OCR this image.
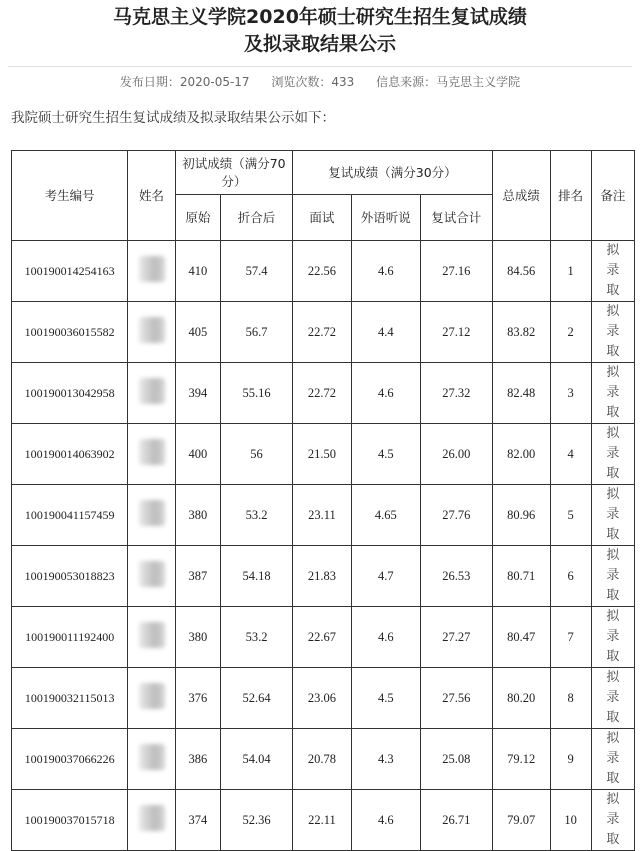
马克思主义学院2020年硕士研究生招生复试成绩
及拟录取结果公示
发布日期：2020-05-17 浏览次数：433 信息来源：马克思主义学院
我院硕士研究生招生复试成绩及拟录取结果公示如下：
考生编号	姓名	初试成绩（满分70分）		复试成绩（满分30分）			总成绩	排名	备注
		原始	折合后	面试	外语听说	复试合计			
100190014254163		410	57.4	22.56	4.6	27.16	84.56	1	拟录取
100190036015582		405	56.7	22.72	4.4	27.12	83.82	2	拟录取
100190013042958		394	55.16	22.72	4.6	27.32	82.48	3	拟录取
100190014063902		400	56	21.50	4.5	26.00	82.00	4	拟录取
100190041157459		380	53.2	23.11	4.65	27.76	80.96	5	拟录取
100190053018823		387	54.18	21.83	4.7	26.53	80.71	6	拟录取
100190011192400		380	53.2	22.67	4.6	27.27	80.47	7	拟录取
100190032115013		376	52.64	23.06	4.5	27.56	80.20	8	拟录取
100190037066226		386	54.04	20.78	4.3	25.08	79.12	9	拟录取
100190037015718		374	52.36	22.11	4.6	26.71	79.07	10	拟录取
